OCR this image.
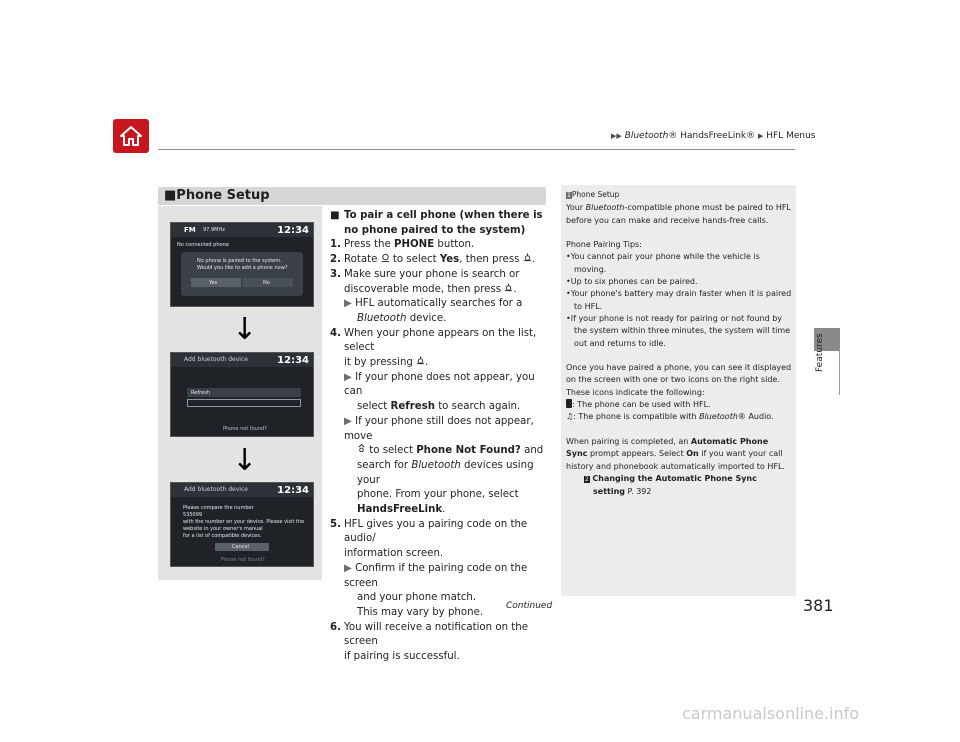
▶▶ Bluetooth® HandsFreeLink® ▶ HFL Menus
Features
■Phone Setup
FM 97.9MHz	12:34
No connected phone
No phone is paired to the system.
Would you like to add a phone now?
Yes	No
↓
Add bluetooth device	12:34
Refresh
Phone not found?
↓
Add bluetooth device	12:34
Please compare the number
535099
with the number on your device. Please visit the
website in your owner's manual
for a list of compatible devices.
Cancel
Phone not found?
■ To pair a cell phone (when there is no phone paired to the system)
1. Press the PHONE button.
2. Rotate  to select Yes, then press .
3. Make sure your phone is search or
discoverable mode, then press .
▶ HFL automatically searches for a
Bluetooth device.
4. When your phone appears on the list, select
it by pressing .
▶ If your phone does not appear, you can
select Refresh to search again.
▶ If your phone still does not appear, move
to select Phone Not Found? and
search for Bluetooth devices using your
phone. From your phone, select
HandsFreeLink.
5. HFL gives you a pairing code on the audio/
information screen.
▶ Confirm if the pairing code on the screen
and your phone match.
This may vary by phone.
6. You will receive a notification on the screen
if pairing is successful.

1Phone Setup

Your Bluetooth-compatible phone must be paired to HFL before you can make and receive hands-free calls.

Phone Pairing Tips:

•You cannot pair your phone while the vehicle is moving.

•Up to six phones can be paired.

•Your phone's battery may drain faster when it is paired to HFL.

•If your phone is not ready for pairing or not found by the system within three minutes, the system will time out and returns to idle.

Once you have paired a phone, you can see it displayed on the screen with one or two icons on the right side.

These icons indicate the following:

: The phone can be used with HFL.

♫: The phone is compatible with Bluetooth® Audio.

When pairing is completed, an Automatic Phone Sync prompt appears. Select On if you want your call history and phonebook automatically imported to HFL.

2 Changing the Automatic Phone Sync

setting P. 392

Continued	381
carmanualsonline.info
